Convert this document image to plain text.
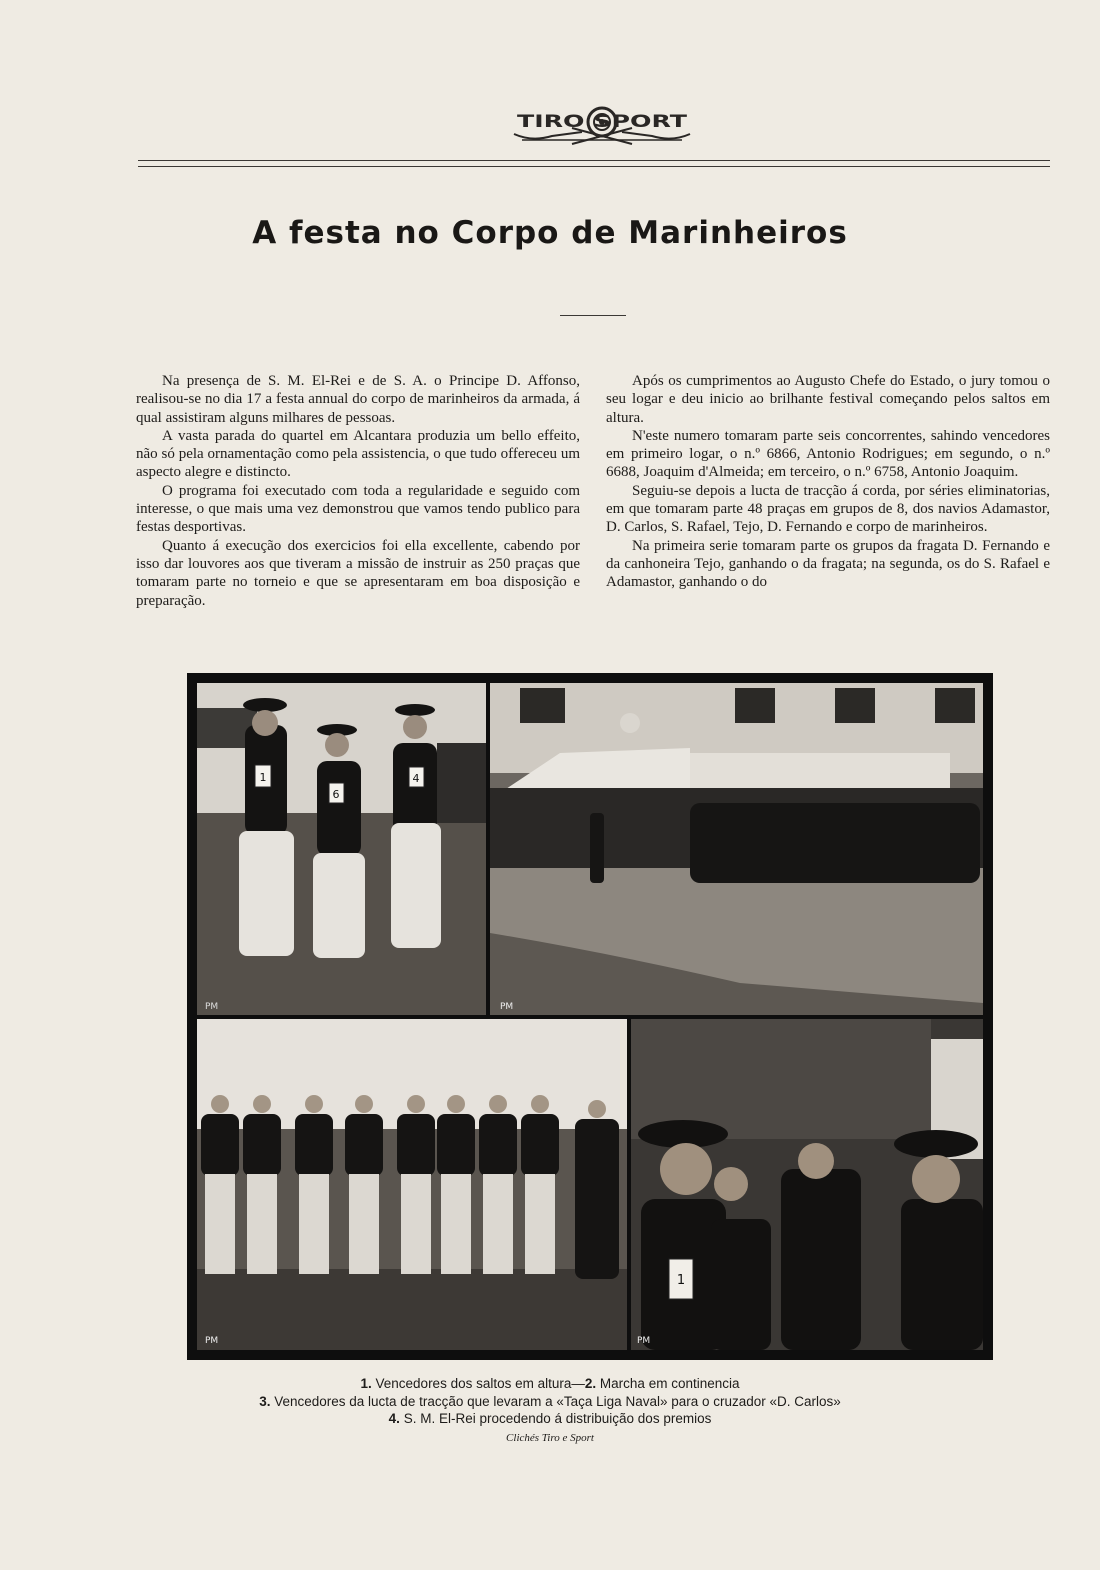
TIRO SPORT
A festa no Corpo de Marinheiros

Na presença de S. M. El-Rei e de S. A. o Principe D. Affonso, realisou-se no dia 17 a festa annual do corpo de marinheiros da armada, á qual assistiram alguns milhares de pessoas.

A vasta parada do quartel em Alcantara produzia um bello effeito, não só pela ornamentação como pela assistencia, o que tudo offereceu um aspecto alegre e distincto.

O programa foi executado com toda a regularidade e seguido com interesse, o que mais uma vez demonstrou que vamos tendo publico para festas desportivas.

Quanto á execução dos exercicios foi ella excellente, cabendo por isso dar louvores aos que tiveram a missão de instruir as 250 praças que tomaram parte no torneio e que se apresentaram em boa disposição e preparação.

Após os cumprimentos ao Augusto Chefe do Estado, o jury tomou o seu logar e deu inicio ao brilhante festival começando pelos saltos em altura.

N'este numero tomaram parte seis concorrentes, sahindo vencedores em primeiro logar, o n.º 6866, Antonio Rodrigues; em segundo, o n.º 6688, Joaquim d'Almeida; em terceiro, o n.º 6758, Antonio Joaquim.

Seguiu-se depois a lucta de tracção á corda, por séries eliminatorias, em que tomaram parte 48 praças em grupos de 8, dos navios Adamastor, D. Carlos, S. Rafael, Tejo, D. Fernando e corpo de marinheiros.

Na primeira serie tomaram parte os grupos da fragata D. Fernando e da canhoneira Tejo, ganhando o da fragata; na segunda, os do S. Rafael e Adamastor, ganhando o do

1
6
4
PM	PM
PM
1
PM
1. Vencedores dos saltos em altura—2. Marcha em continencia
3. Vencedores da lucta de tracção que levaram a «Taça Liga Naval» para o cruzador «D. Carlos»
4. S. M. El-Rei procedendo á distribuição dos premios
Clichés Tiro e Sport
